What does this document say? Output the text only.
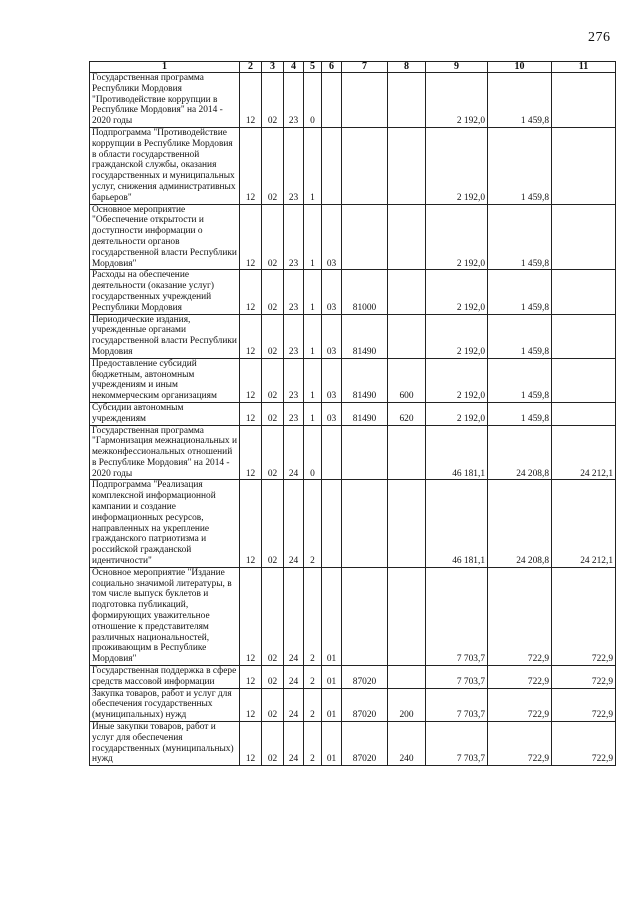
276
1	2	3	4	5	6	7	8	9	10	11
Государственная программа Республики Мордовия "Противодействие коррупции в Республике Мордовия" на 2014 - 2020 годы	12	02	23	0				2 192,0	1 459,8	
Подпрограмма "Противодействие коррупции в Республике Мордовия в области государственной гражданской службы, оказания государственных и муниципальных услуг, снижения административных барьеров"	12	02	23	1				2 192,0	1 459,8	
Основное мероприятие "Обеспечение открытости и доступности информации о деятельности органов государственной власти Республики Мордовия"	12	02	23	1	03			2 192,0	1 459,8	
Расходы на обеспечение деятельности (оказание услуг) государственных учреждений Республики Мордовия	12	02	23	1	03	81000		2 192,0	1 459,8	
Периодические издания, учрежденные органами государственной власти Республики Мордовия	12	02	23	1	03	81490		2 192,0	1 459,8	
Предоставление субсидий бюджетным, автономным учреждениям и иным некоммерческим организациям	12	02	23	1	03	81490	600	2 192,0	1 459,8	
Субсидии автономным учреждениям	12	02	23	1	03	81490	620	2 192,0	1 459,8	
Государственная программа "Гармонизация межнациональных и межконфессиональных отношений в Республике Мордовия" на 2014 - 2020 годы	12	02	24	0				46 181,1	24 208,8	24 212,1
Подпрограмма "Реализация комплексной информационной кампании и создание информационных ресурсов, направленных на укрепление гражданского патриотизма и российской гражданской идентичности"	12	02	24	2				46 181,1	24 208,8	24 212,1
Основное мероприятие "Издание социально значимой литературы, в том числе выпуск буклетов и подготовка публикаций, формирующих уважительное отношение к представителям различных национальностей, проживающим в Республике Мордовия"	12	02	24	2	01			7 703,7	722,9	722,9
Государственная поддержка в сфере средств массовой информации	12	02	24	2	01	87020		7 703,7	722,9	722,9
Закупка товаров, работ и услуг для обеспечения государственных (муниципальных) нужд	12	02	24	2	01	87020	200	7 703,7	722,9	722,9
Иные закупки товаров, работ и услуг для обеспечения государственных (муниципальных) нужд	12	02	24	2	01	87020	240	7 703,7	722,9	722,9
